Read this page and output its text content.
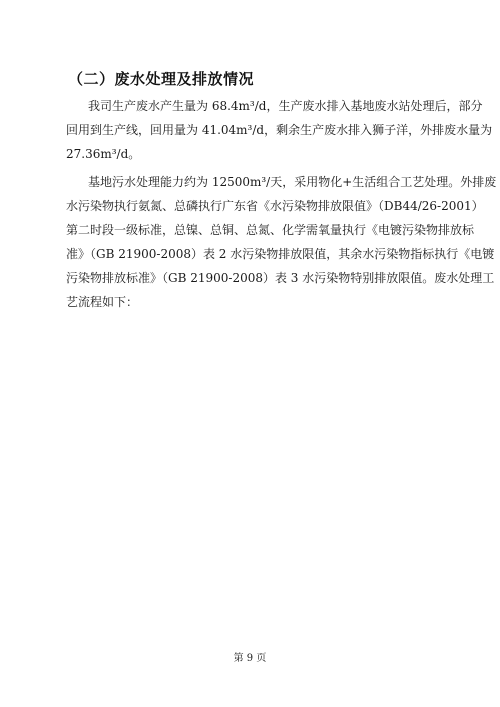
（二）废水处理及排放情况
我司生产废水产生量为 68.4m³/d，生产废水排入基地废水站处理后，部分
回用到生产线，回用量为 41.04m³/d，剩余生产废水排入狮子洋，外排废水量为
27.36m³/d。
基地污水处理能力约为 12500m³/天，采用物化+生活组合工艺处理。外排废
水污染物执行氨氮、总磷执行广东省《水污染物排放限值》（DB44/26-2001）
第二时段一级标准，总镍、总铜、总氮、化学需氧量执行《电镀污染物排放标
准》（GB 21900-2008）表 2 水污染物排放限值，其余水污染物指标执行《电镀
污染物排放标准》（GB 21900-2008）表 3 水污染物特别排放限值。废水处理工
艺流程如下：
第 9 页
